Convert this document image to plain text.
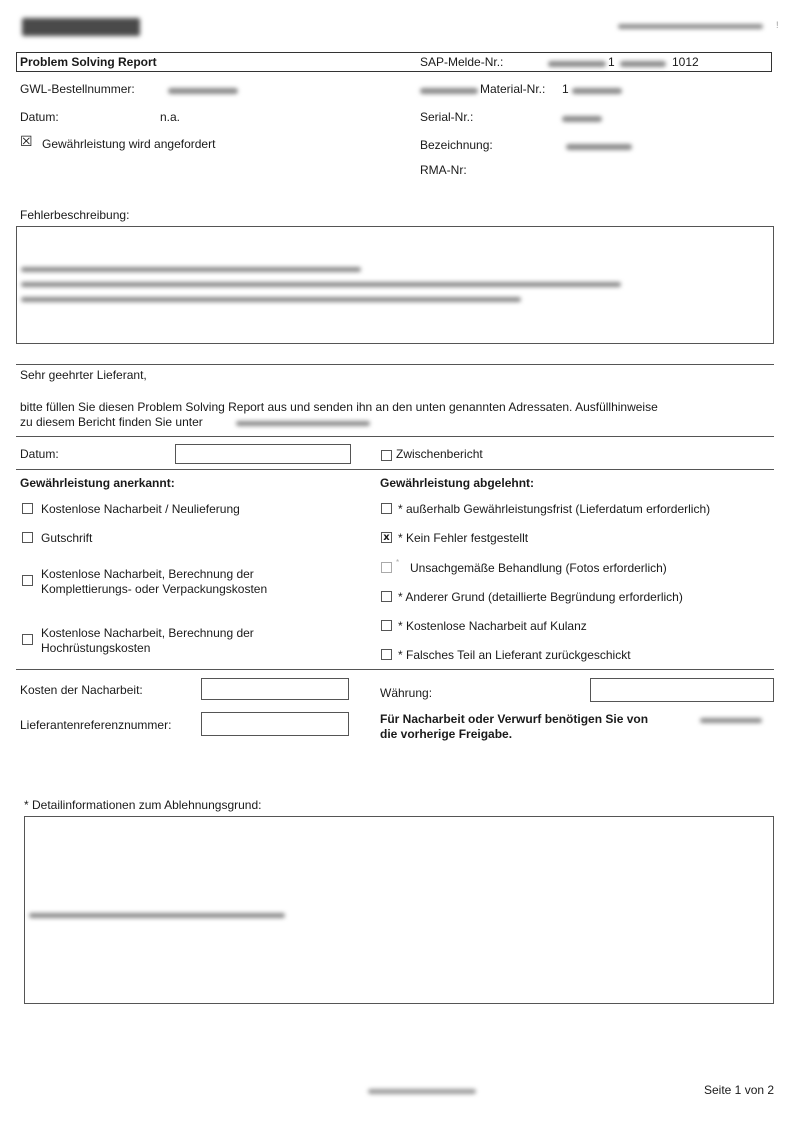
!
Problem Solving Report	SAP-Melde-Nr.:	1	1012
GWL-Bestellnummer:	Material-Nr.: 1
Datum:	n.a.	Serial-Nr.:
☒ Gewährleistung wird angefordert	Bezeichnung:
RMA-Nr:
Fehlerbeschreibung:
Sehr geehrter Lieferant,
bitte füllen Sie diesen Problem Solving Report aus und senden ihn an den unten genannten Adressaten. Ausfüllhinweise
zu diesem Bericht finden Sie unter
Datum:	Zwischenbericht
Gewährleistung anerkannt:	Gewährleistung abgelehnt:
Kostenlose Nacharbeit / Neulieferung
Gutschrift
Kostenlose Nacharbeit, Berechnung der
Komplettierungs- oder Verpackungskosten
Kostenlose Nacharbeit, Berechnung der
Hochrüstungskosten
* außerhalb Gewährleistungsfrist (Lieferdatum erforderlich)
x * Kein Fehler festgestellt
* Unsachgemäße Behandlung (Fotos erforderlich)
* Anderer Grund (detaillierte Begründung erforderlich)
* Kostenlose Nacharbeit auf Kulanz
* Falsches Teil an Lieferant zurückgeschickt
Kosten der Nacharbeit:	Währung:
Lieferantenreferenznummer:	Für Nacharbeit oder Verwurf benötigen Sie von
die vorherige Freigabe.
* Detailinformationen zum Ablehnungsgrund:
Seite 1 von 2
